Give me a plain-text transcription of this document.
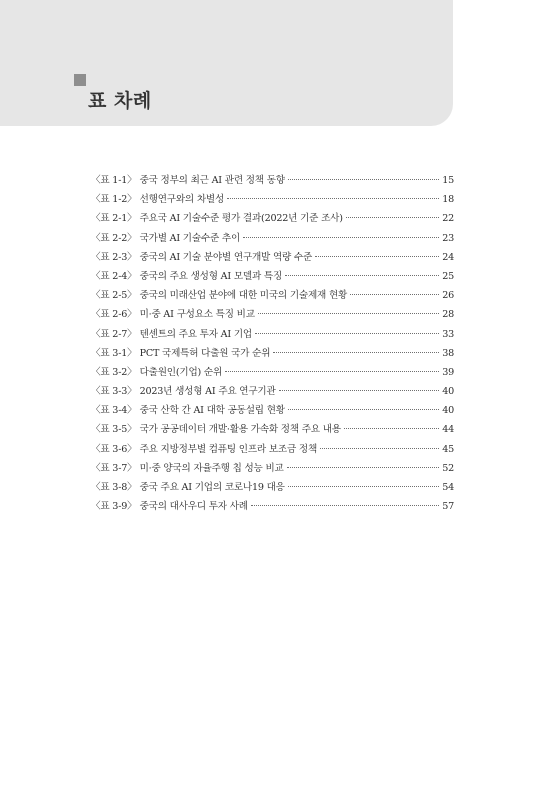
표 차례
〈표 1-1〉 중국 정부의 최근 AI 관련 정책 동향	15
〈표 1-2〉 선행연구와의 차별성	18
〈표 2-1〉 주요국 AI 기술수준 평가 결과(2022년 기준 조사)	22
〈표 2-2〉 국가별 AI 기술수준 추이	23
〈표 2-3〉 중국의 AI 기술 분야별 연구개발 역량 수준	24
〈표 2-4〉 중국의 주요 생성형 AI 모델과 특징	25
〈표 2-5〉 중국의 미래산업 분야에 대한 미국의 기술제재 현황	26
〈표 2-6〉 미·중 AI 구성요소 특징 비교	28
〈표 2-7〉 텐센트의 주요 투자 AI 기업	33
〈표 3-1〉 PCT 국제특허 다출원 국가 순위	38
〈표 3-2〉 다출원인(기업) 순위	39
〈표 3-3〉 2023년 생성형 AI 주요 연구기관	40
〈표 3-4〉 중국 산학 간 AI 대학 공동설립 현황	40
〈표 3-5〉 국가 공공데이터 개발·활용 가속화 정책 주요 내용	44
〈표 3-6〉 주요 지방정부별 컴퓨팅 인프라 보조금 정책	45
〈표 3-7〉 미·중 양국의 자율주행 칩 성능 비교	52
〈표 3-8〉 중국 주요 AI 기업의 코로나19 대응	54
〈표 3-9〉 중국의 대사우디 투자 사례	57
